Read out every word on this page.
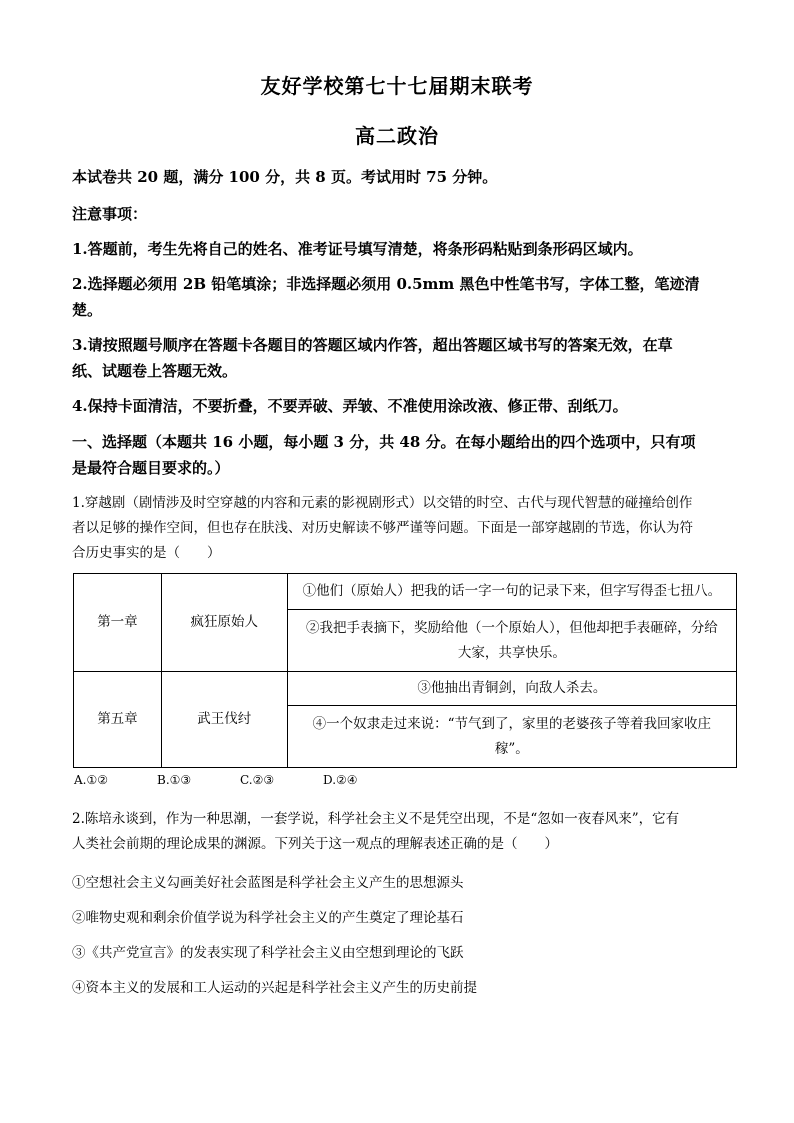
友好学校第七十七届期末联考
高二政治
本试卷共 20 题，满分 100 分，共 8 页。考试用时 75 分钟。
注意事项：
1.答题前，考生先将自己的姓名、准考证号填写清楚，将条形码粘贴到条形码区域内。
2.选择题必须用 2B 铅笔填涂；非选择题必须用 0.5mm 黑色中性笔书写，字体工整，笔迹清
楚。
3.请按照题号顺序在答题卡各题目的答题区域内作答，超出答题区域书写的答案无效，在草
纸、试题卷上答题无效。
4.保持卡面清洁，不要折叠，不要弄破、弄皱、不准使用涂改液、修正带、刮纸刀。
一、选择题（本题共 16 小题，每小题 3 分，共 48 分。在每小题给出的四个选项中，只有项
是最符合题目要求的。）
1.穿越剧（剧情涉及时空穿越的内容和元素的影视剧形式）以交错的时空、古代与现代智慧的碰撞给创作
者以足够的操作空间，但也存在肤浅、对历史解读不够严谨等问题。下面是一部穿越剧的节选，你认为符
合历史事实的是（　　）
第一章	疯狂原始人	①他们（原始人）把我的话一字一句的记录下来，但字写得歪七扭八。

		②我把手表摘下，奖励给他（一个原始人），但他却把手表砸碎，分给
大家，共享快乐。

第五章	武王伐纣	③他抽出青铜剑，向敌人杀去。

		④一个奴隶走过来说：“节气到了，家里的老婆孩子等着我回家收庄
稼”。
A.①②	B.①③	C.②③	D.②④
2.陈培永谈到，作为一种思潮，一套学说，科学社会主义不是凭空出现，不是“忽如一夜春风来”，它有
人类社会前期的理论成果的渊源。下列关于这一观点的理解表述正确的是（　　）
①空想社会主义勾画美好社会蓝图是科学社会主义产生的思想源头
②唯物史观和剩余价值学说为科学社会主义的产生奠定了理论基石
③《共产党宣言》的发表实现了科学社会主义由空想到理论的飞跃
④资本主义的发展和工人运动的兴起是科学社会主义产生的历史前提
